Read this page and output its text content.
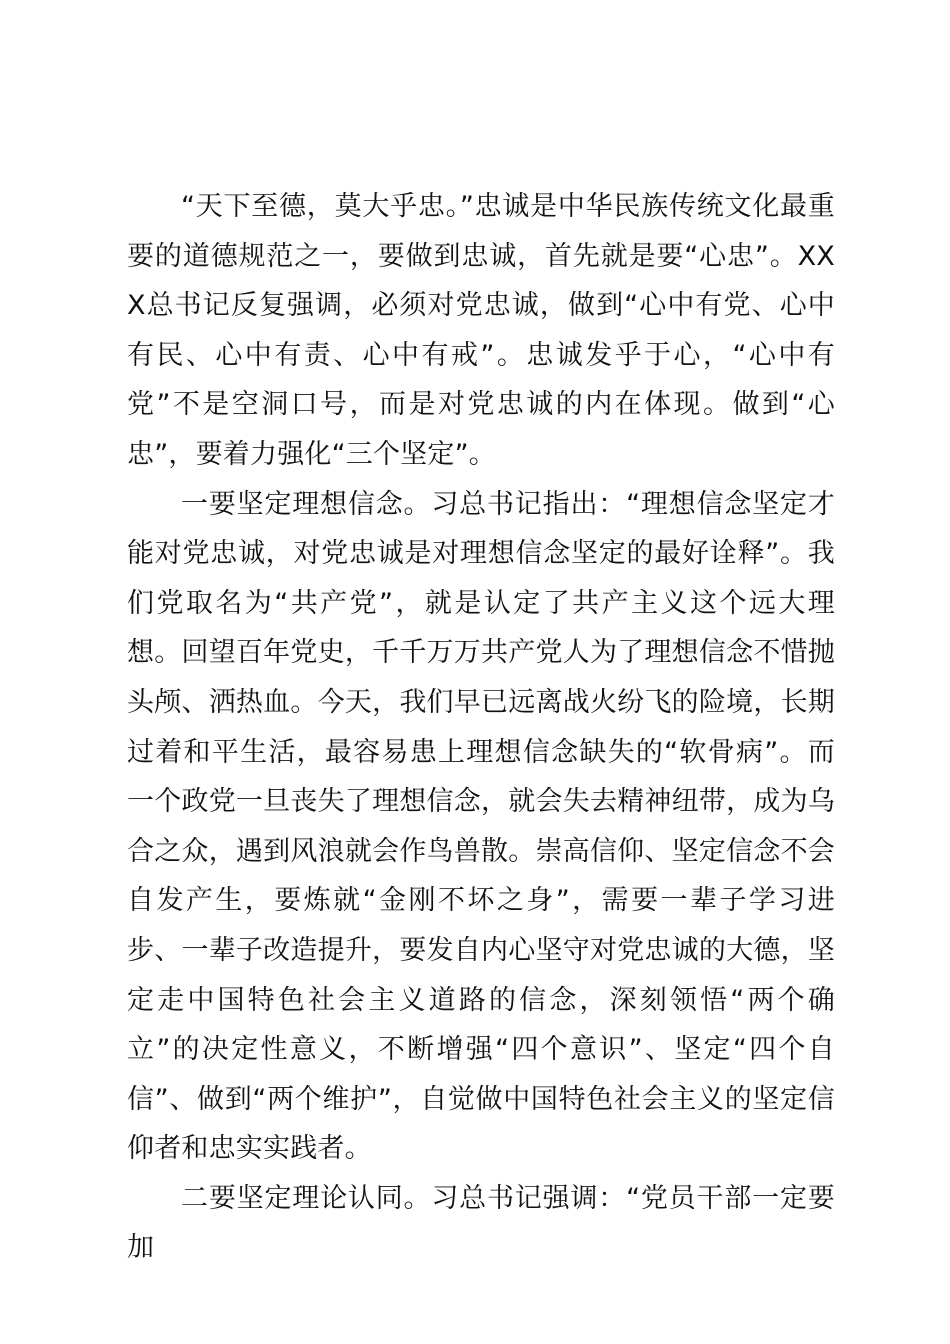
“天下至德，莫大乎忠。”忠诚是中华民族传统文化最重要的道德规范之一，要做到忠诚，首先就是要“心忠”。XXX总书记反复强调，必须对党忠诚，做到“心中有党、心中有民、心中有责、心中有戒”。忠诚发乎于心，“心中有党”不是空洞口号，而是对党忠诚的内在体现。做到“心忠”，要着力强化“三个坚定”。

一要坚定理想信念。习总书记指出：“理想信念坚定才能对党忠诚，对党忠诚是对理想信念坚定的最好诠释”。我们党取名为“共产党”，就是认定了共产主义这个远大理想。回望百年党史，千千万万共产党人为了理想信念不惜抛头颅、洒热血。今天，我们早已远离战火纷飞的险境，长期过着和平生活，最容易患上理想信念缺失的“软骨病”。而一个政党一旦丧失了理想信念，就会失去精神纽带，成为乌合之众，遇到风浪就会作鸟兽散。崇高信仰、坚定信念不会自发产生，要炼就“金刚不坏之身”，需要一辈子学习进步、一辈子改造提升，要发自内心坚守对党忠诚的大德，坚定走中国特色社会主义道路的信念，深刻领悟“两个确立”的决定性意义，不断增强“四个意识”、坚定“四个自信”、做到“两个维护”，自觉做中国特色社会主义的坚定信仰者和忠实实践者。

二要坚定理论认同。习总书记强调：“党员干部一定要加
